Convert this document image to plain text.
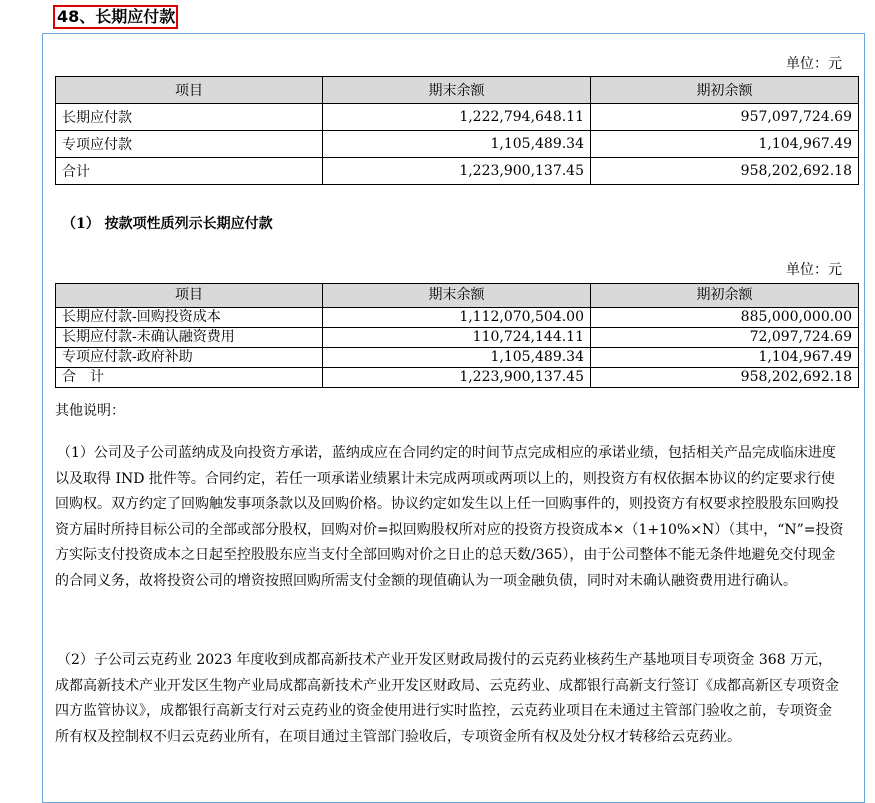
48、长期应付款
单位：元
项目	期末余额	期初余额
长期应付款	1,222,794,648.11	957,097,724.69
专项应付款	1,105,489.34	1,104,967.49
合计	1,223,900,137.45	958,202,692.18
（1） 按款项性质列示长期应付款
单位：元
项目	期末余额	期初余额
长期应付款-回购投资成本	1,112,070,504.00	885,000,000.00
长期应付款-未确认融资费用	110,724,144.11	72,097,724.69
专项应付款-政府补助	1,105,489.34	1,104,967.49
合　计	1,223,900,137.45	958,202,692.18
其他说明：
（1）公司及子公司蓝纳成及向投资方承诺，蓝纳成应在合同约定的时间节点完成相应的承诺业绩，包括相关产品完成临床进度以及取得 IND 批件等。合同约定，若任一项承诺业绩累计未完成两项或两项以上的，则投资方有权依据本协议的约定要求行使回购权。双方约定了回购触发事项条款以及回购价格。协议约定如发生以上任一回购事件的，则投资方有权要求控股股东回购投资方届时所持目标公司的全部或部分股权，回购对价=拟回购股权所对应的投资方投资成本×（1+10%×N）（其中，“N”=投资方实际支付投资成本之日起至控股股东应当支付全部回购对价之日止的总天数/365），由于公司整体不能无条件地避免交付现金的合同义务，故将投资公司的增资按照回购所需支付金额的现值确认为一项金融负债，同时对未确认融资费用进行确认。
（2）子公司云克药业 2023 年度收到成都高新技术产业开发区财政局拨付的云克药业核药生产基地项目专项资金 368 万元，成都高新技术产业开发区生物产业局成都高新技术产业开发区财政局、云克药业、成都银行高新支行签订《成都高新区专项资金四方监管协议》，成都银行高新支行对云克药业的资金使用进行实时监控，云克药业项目在未通过主管部门验收之前，专项资金所有权及控制权不归云克药业所有，在项目通过主管部门验收后，专项资金所有权及处分权才转移给云克药业。
